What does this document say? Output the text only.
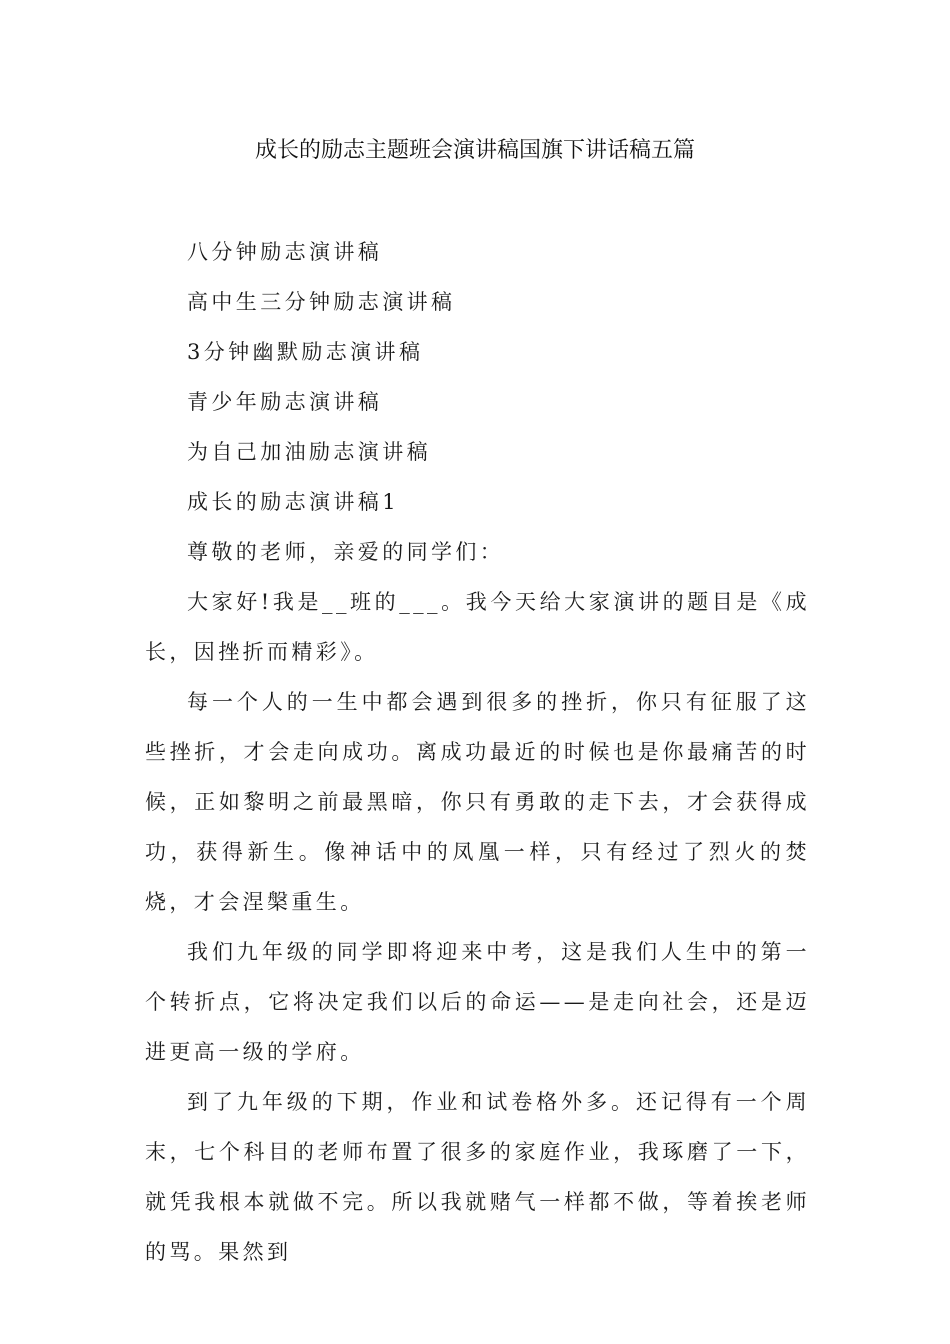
成长的励志主题班会演讲稿国旗下讲话稿五篇

八分钟励志演讲稿

高中生三分钟励志演讲稿

3分钟幽默励志演讲稿

青少年励志演讲稿

为自己加油励志演讲稿

成长的励志演讲稿1

尊敬的老师，亲爱的同学们：

大家好!我是__班的___。我今天给大家演讲的题目是《成长，因挫折而精彩》。

每一个人的一生中都会遇到很多的挫折，你只有征服了这些挫折，才会走向成功。离成功最近的时候也是你最痛苦的时候，正如黎明之前最黑暗，你只有勇敢的走下去，才会获得成功，获得新生。像神话中的凤凰一样，只有经过了烈火的焚烧，才会涅槃重生。

我们九年级的同学即将迎来中考，这是我们人生中的第一个转折点，它将决定我们以后的命运——是走向社会，还是迈进更高一级的学府。

到了九年级的下期，作业和试卷格外多。还记得有一个周末，七个科目的老师布置了很多的家庭作业，我琢磨了一下，就凭我根本就做不完。所以我就赌气一样都不做，等着挨老师的骂。果然到
